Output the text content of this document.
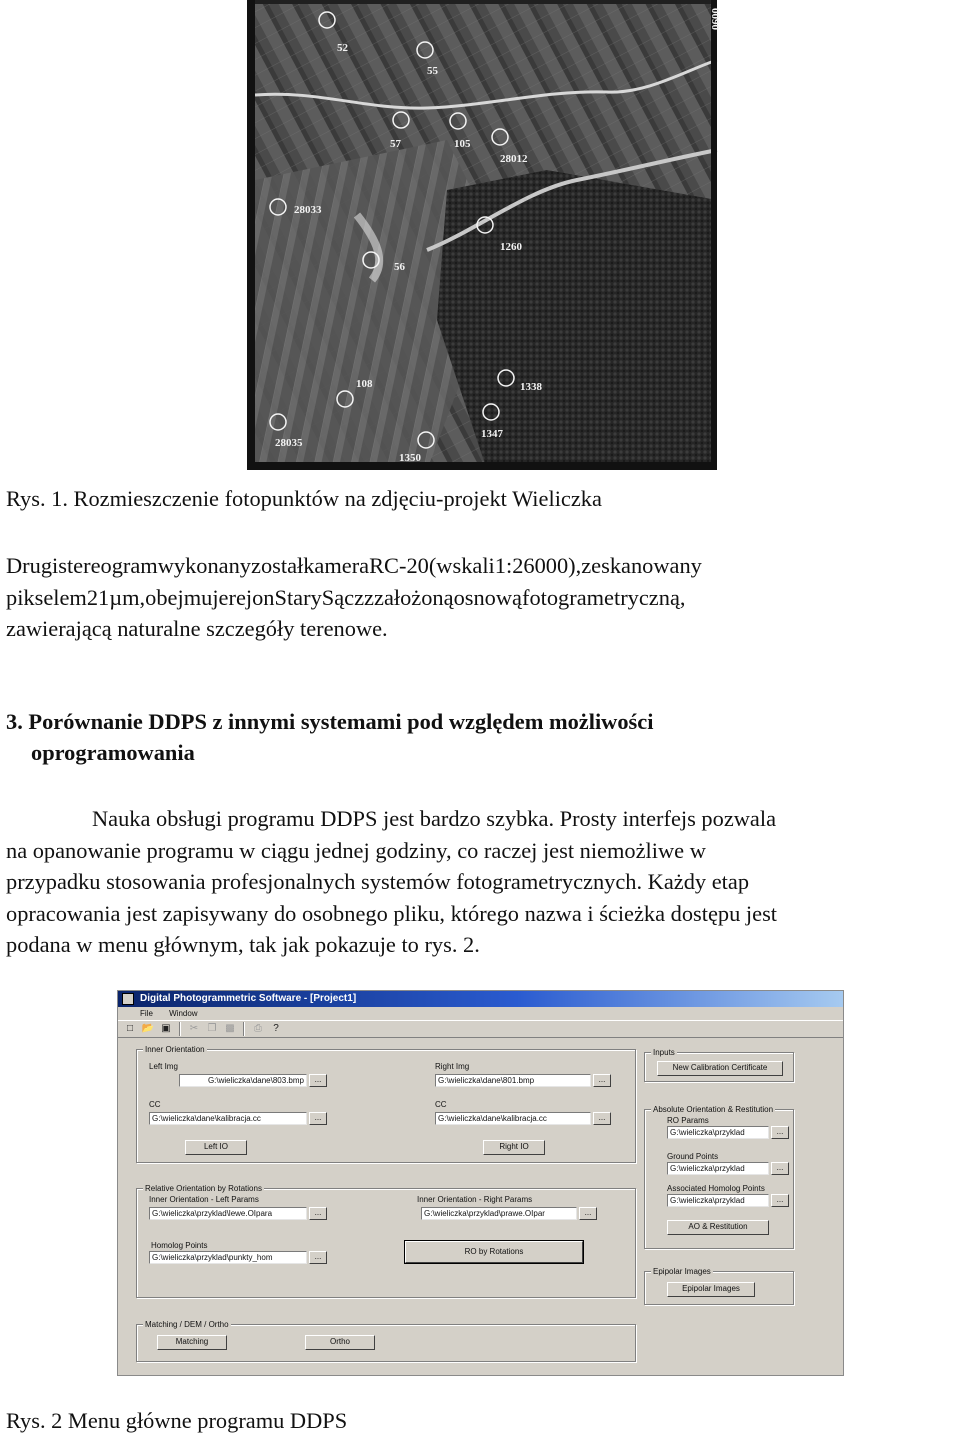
52
55
57	105
28012
28033
1260
56
108	1338
28035
1347
1350
0090
Rys. 1. Rozmieszczenie fotopunktów na zdjęciu-projekt Wieliczka
DrugistereogramwykonanyzostałkameraRC-20(wskali1:26000),zeskanowany
pikselem21µm,obejmujerejonStarySączzzałożonąosnowąfotogrametryczną,
zawierającą naturalne szczegóły terenowe.
3. Porównanie DDPS z innymi systemami pod względem możliwości
oprogramowania
Nauka obsługi programu DDPS jest bardzo szybka. Prosty interfejs pozwala
na opanowanie programu w ciągu jednej godziny, co raczej jest niemożliwe w
przypadku stosowania profesjonalnych systemów fotogrametrycznych. Każdy etap
opracowania jest zapisywany do osobnego pliku, którego nazwa i ścieżka dostępu jest
podana w menu głównym, tak jak pokazuje to rys. 2.
Digital Photogrammetric Software - [Project1]
File Window
□ 📂 ▣	✂ ❐ ▩	⎙	?
Inner Orientation
Left Img
G:\wieliczka\dane\803.bmp	...
Right Img
G:\wieliczka\dane\801.bmp	...
CC
G:\wieliczka\dane\kalibracja.cc	...
CC
G:\wieliczka\dane\kalibracja.cc	...
Left IO	Right IO
Relative Orientation by Rotations
Inner Orientation - Left Params
G:\wieliczka\przyklad\lewe.OIpara	...
Inner Orientation - Right Params
G:\wieliczka\przyklad\prawe.OIpar	...
Homolog Points
G:\wieliczka\przyklad\punkty_hom	...
RO by Rotations
Matching / DEM / Ortho
Matching	Ortho
Inputs
New Calibration Certificate
Absolute Orientation & Restitution
RO Params
G:\wieliczka\przyklad	...
Ground Points
G:\wieliczka\przyklad	...
Associated Homolog Points
G:\wieliczka\przyklad	...
AO & Restitution
Epipolar Images
Epipolar Images
Rys. 2 Menu główne programu DDPS
